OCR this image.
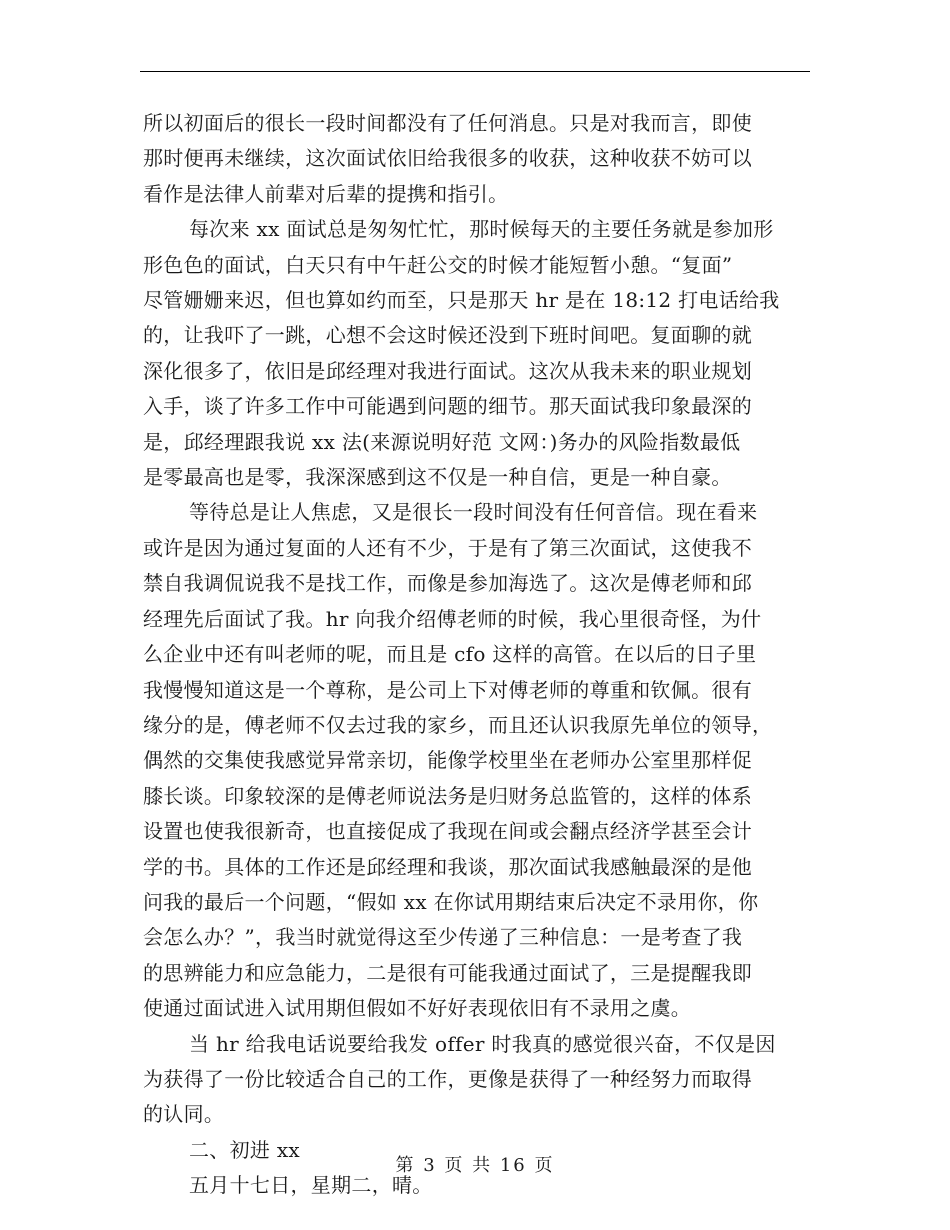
所以初面后的很长一段时间都没有了任何消息。只是对我而言，即使
那时便再未继续，这次面试依旧给我很多的收获，这种收获不妨可以
看作是法律人前辈对后辈的提携和指引。

每次来 xx 面试总是匆匆忙忙，那时候每天的主要任务就是参加形
形色色的面试，白天只有中午赶公交的时候才能短暂小憩。“复面”
尽管姗姗来迟，但也算如约而至，只是那天 hr 是在 18:12 打电话给我
的，让我吓了一跳，心想不会这时候还没到下班时间吧。复面聊的就
深化很多了，依旧是邱经理对我进行面试。这次从我未来的职业规划
入手，谈了许多工作中可能遇到问题的细节。那天面试我印象最深的
是，邱经理跟我说 xx 法(来源说明好范 文网：)务办的风险指数最低
是零最高也是零，我深深感到这不仅是一种自信，更是一种自豪。

等待总是让人焦虑，又是很长一段时间没有任何音信。现在看来
或许是因为通过复面的人还有不少，于是有了第三次面试，这使我不
禁自我调侃说我不是找工作，而像是参加海选了。这次是傅老师和邱
经理先后面试了我。hr 向我介绍傅老师的时候，我心里很奇怪，为什
么企业中还有叫老师的呢，而且是 cfo 这样的高管。在以后的日子里
我慢慢知道这是一个尊称，是公司上下对傅老师的尊重和钦佩。很有
缘分的是，傅老师不仅去过我的家乡，而且还认识我原先单位的领导，
偶然的交集使我感觉异常亲切，能像学校里坐在老师办公室里那样促
膝长谈。印象较深的是傅老师说法务是归财务总监管的，这样的体系
设置也使我很新奇，也直接促成了我现在间或会翻点经济学甚至会计
学的书。具体的工作还是邱经理和我谈，那次面试我感触最深的是他
问我的最后一个问题，“假如 xx 在你试用期结束后决定不录用你，你
会怎么办？”，我当时就觉得这至少传递了三种信息：一是考查了我
的思辨能力和应急能力，二是很有可能我通过面试了，三是提醒我即
使通过面试进入试用期但假如不好好表现依旧有不录用之虞。

当 hr 给我电话说要给我发 offer 时我真的感觉很兴奋，不仅是因
为获得了一份比较适合自己的工作，更像是获得了一种经努力而取得
的认同。

二、初进 xx

五月十七日，星期二，晴。

第 3 页 共 16 页
